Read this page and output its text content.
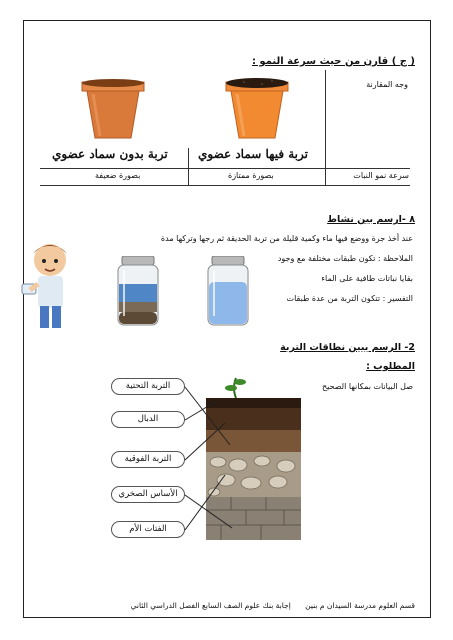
( ج ) قارن من حيث سرعة النمو :
وجه المقارنة
سرعة نمو النبات
بصورة ممتازة
بصورة ضعيفة
تربة فيها سماد عضوي
تربة بدون سماد عضوي
٨ -ارسم بين نشاط
عند أخذ جرة ووضع فيها ماء وكمية قليلة من تربة الحديقة ثم رجها وتركها مدة
الملاحظة : تكون طبقات مختلفة مع وجود
بقايا نباتات طافية على الماء
التفسير : تتكون التربة من عدة طبقات
2- الرسم يبين نطاقات التربة
المطلوب :
صل البيانات بمكانها الصحيح
التربة التحتية
الدبال
التربة الفوقية
الأساس الصخري
الفتات الأم
قسم العلوم مدرسة السيدان م بنين      إجابة بنك علوم الصف السابع الفصل الدراسي الثاني
